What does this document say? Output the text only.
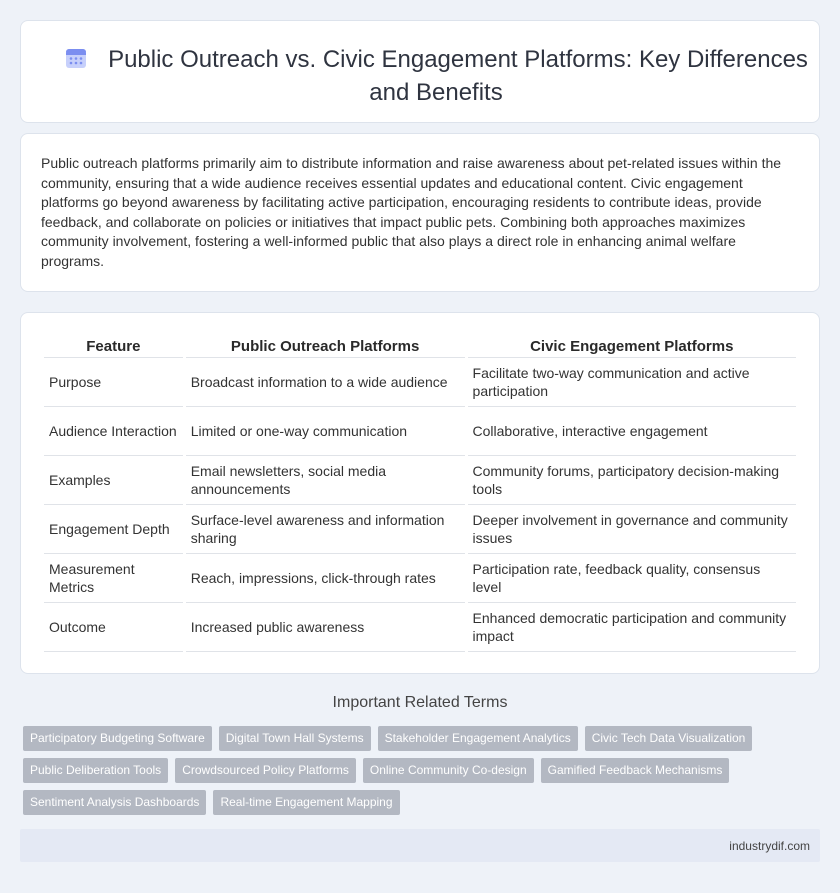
Public Outreach vs. Civic Engagement Platforms: Key Differences and Benefits

Public outreach platforms primarily aim to distribute information and raise awareness about pet-related issues within the community, ensuring that a wide audience receives essential updates and educational content. Civic engagement platforms go beyond awareness by facilitating active participation, encouraging residents to contribute ideas, provide feedback, and collaborate on policies or initiatives that impact public pets. Combining both approaches maximizes community involvement, fostering a well-informed public that also plays a direct role in enhancing animal welfare programs.

Feature	Public Outreach Platforms	Civic Engagement Platforms
Purpose	Broadcast information to a wide audience	Facilitate two-way communication and active participation
Audience Interaction	Limited or one-way communication	Collaborative, interactive engagement
Examples	Email newsletters, social media announcements	Community forums, participatory decision-making tools
Engagement Depth	Surface-level awareness and information sharing	Deeper involvement in governance and community issues
Measurement Metrics	Reach, impressions, click-through rates	Participation rate, feedback quality, consensus level
Outcome	Increased public awareness	Enhanced democratic participation and community impact
Important Related Terms
Participatory Budgeting Software	Digital Town Hall Systems	Stakeholder Engagement Analytics	Civic Tech Data Visualization
Public Deliberation Tools	Crowdsourced Policy Platforms	Online Community Co-design	Gamified Feedback Mechanisms
Sentiment Analysis Dashboards	Real-time Engagement Mapping
industrydif.com
